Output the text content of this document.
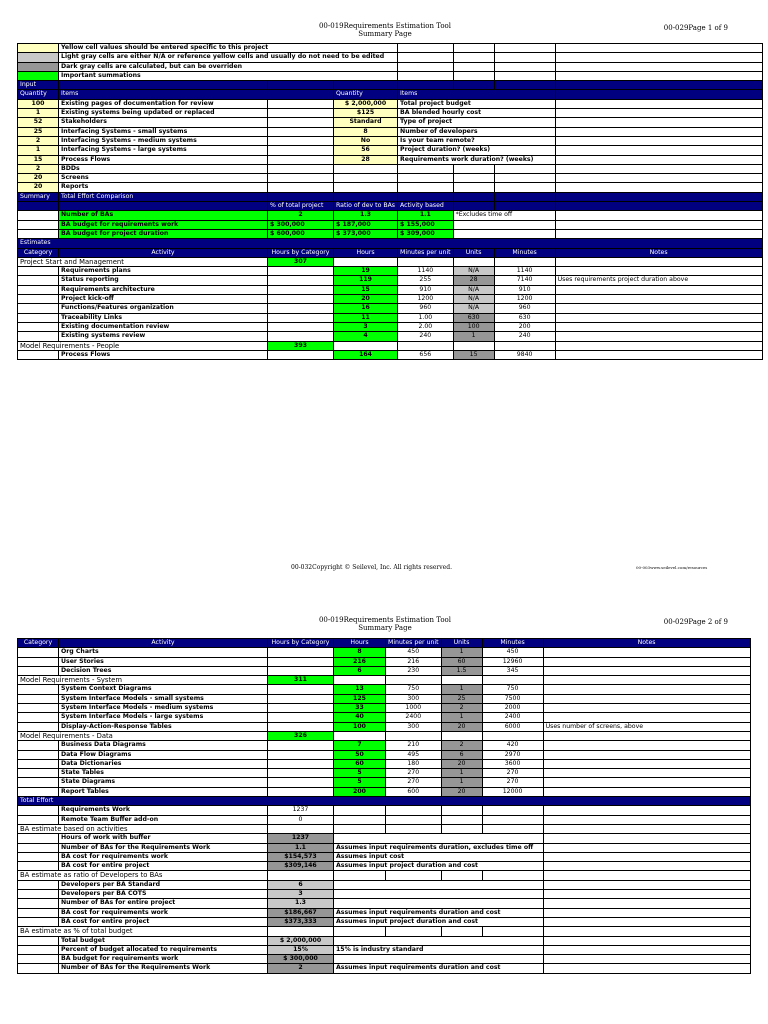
00-019Requirements Estimation Tool
Summary Page
00-029Page 1 of 9
	Yellow cell values should be entered specific to this project						
	Light gray cells are either N/A or reference yellow cells and usually do not need to be edited						
	Dark gray cells are calculated, but can be overriden						
	Important summations						
Input							
Quantity	Items		Quantity	Items			
100	Existing pages of documentation for review		$ 2,000,000	Total project budget			
1	Existing systems being updated or replaced		$125	BA blended hourly cost			
52	Stakeholders		Standard	Type of project			
25	Interfacing Systems - small systems		8	Number of developers			
2	Interfacing Systems - medium systems		No	Is your team remote?			
1	Interfacing Systems - large systems		56	Project duration? (weeks)			
15	Process Flows		28	Requirements work duration? (weeks)			
2	BDDs						
20	Screens						
20	Reports						
Summary	Total Effort Comparison						
		% of total project	Ratio of dev to BAs	Activity based			
	Number of BAs	2	1.3	1.1	*Excludes time off		
	BA budget for requirements work	$ 300,000	$ 187,000	$ 155,000			
	BA budget for project duration	$ 600,000	$ 373,000	$ 309,000			
Estimates							
Category	Activity	Hours by Category	Hours	Minutes per unit	Units	Minutes	Notes
Project Start and Management		307					
	Requirements plans		19	1140	N/A	1140	
	Status reporting		119	255	28	7140	Uses requirements project duration above
	Requirements architecture		15	910	N/A	910	
	Project kick-off		20	1200	N/A	1200	
	Functions/Features organization		16	960	N/A	960	
	Traceability Links		11	1.00	630	630	
	Existing documentation review		3	2.00	100	200	
	Existing systems review		4	240	1	240	
Model Requirements - People		393					
	Process Flows		164	656	15	9840	
00-032Copyright © Seilevel, Inc. All rights reserved.	00-003www.seilevel.com/resources
00-019Requirements Estimation Tool
Summary Page
00-029Page 2 of 9
Category	Activity	Hours by Category	Hours	Minutes per unit	Units	Minutes	Notes
	Org Charts		8	450	1	450	
	User Stories		216	216	60	12960	
	Decision Trees		6	230	1.5	345	
Model Requirements - System		311					
	System Context Diagrams		13	750	1	750	
	System Interface Models - small systems		125	300	25	7500	
	System Interface Models - medium systems		33	1000	2	2000	
	System Interface Models - large systems		40	2400	1	2400	
	Display-Action-Response Tables		100	300	20	6000	Uses number of screens, above
Model Requirements - Data		326					
	Business Data Diagrams		7	210	2	420	
	Data Flow Diagrams		50	495	6	2970	
	Data Dictionaries		60	180	20	3600	
	State Tables		5	270	1	270	
	State Diagrams		5	270	1	270	
	Report Tables		200	600	20	12000	
Total Effort							
	Requirements Work	1237					
	Remote Team Buffer add-on	0					
BA estimate based on activities							
	Hours of work with buffer	1237					
	Number of BAs for the Requirements Work	1.1	Assumes input requirements duration, excludes time off				
	BA cost for requirements work	$154,573	Assumes input cost				
	BA cost for entire project	$309,146	Assumes input project duration and cost				
BA estimate as ratio of Developers to BAs							
	Developers per BA Standard	6					
	Developers per BA COTS	3					
	Number of BAs for entire project	1.3					
	BA cost for requirements work	$186,667	Assumes input requirements duration and cost				
	BA cost for entire project	$373,333	Assumes input project duration and cost				
BA estimate as % of total budget							
	Total budget	$ 2,000,000					
	Percent of budget allocated to requirements	15%	15% is industry standard				
	BA budget for requirements work	$ 300,000					
	Number of BAs for the Requirements Work	2	Assumes input requirements duration and cost				
